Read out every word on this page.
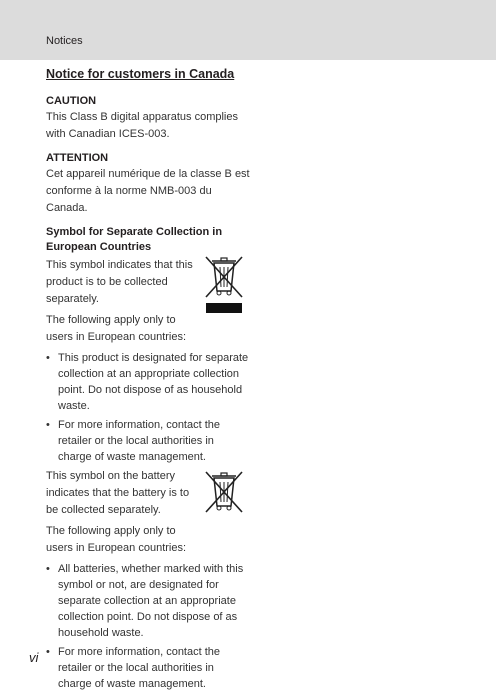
Notices
Notice for customers in Canada
CAUTION

This Class B digital apparatus complies with Canadian ICES-003.

ATTENTION

Cet appareil numérique de la classe B est conforme à la norme NMB-003 du Canada.

Symbol for Separate Collection in European Countries

This symbol indicates that this product is to be collected separately.

The following apply only to users in European countries:

• This product is designated for separate collection at an appropriate collection point. Do not dispose of as household waste.
• For more information, contact the retailer or the local authorities in charge of waste management.

This symbol on the battery indicates that the battery is to be collected separately.

The following apply only to users in European countries:

• All batteries, whether marked with this symbol or not, are designated for separate collection at an appropriate collection point. Do not dispose of as household waste.
• For more information, contact the retailer or the local authorities in charge of waste management.
vi
